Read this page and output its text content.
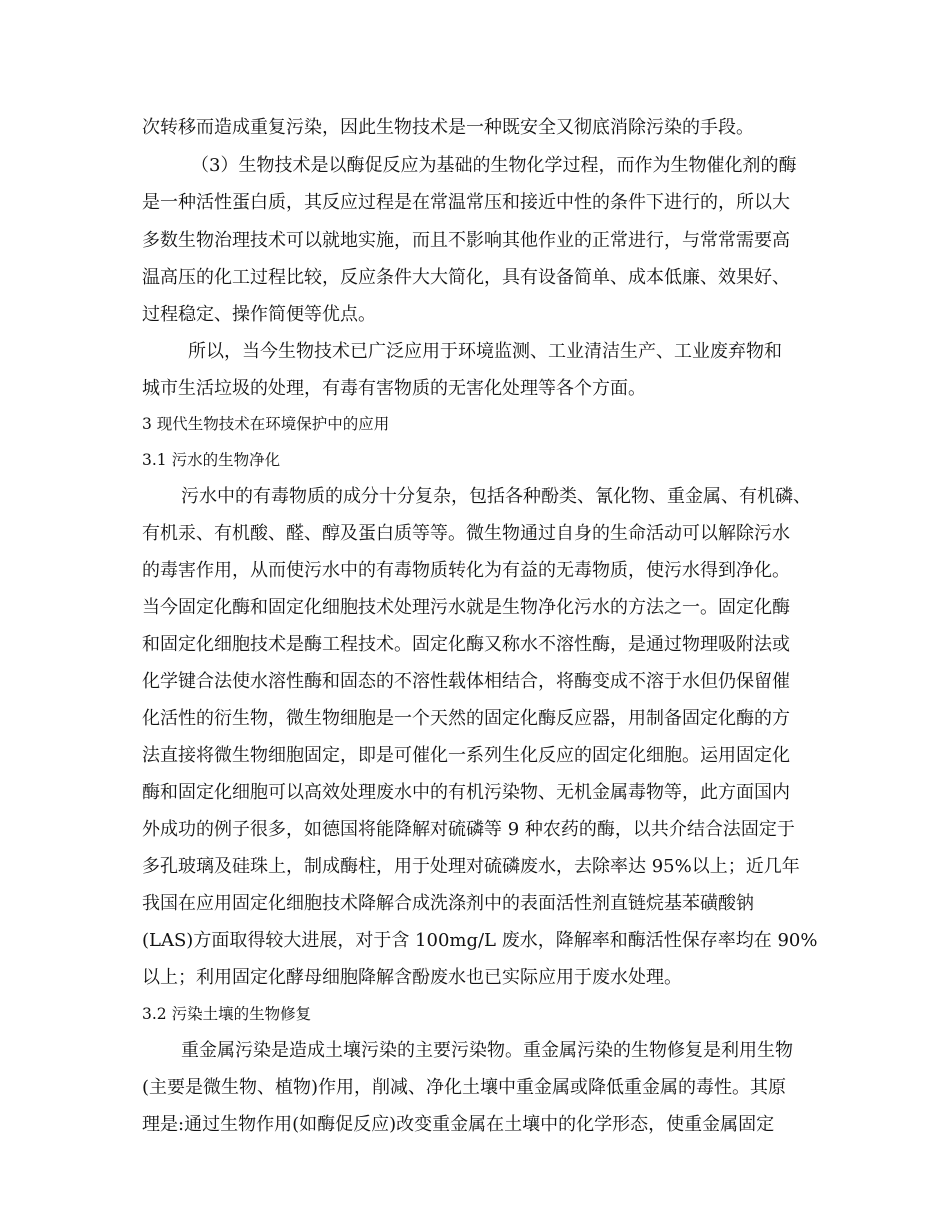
次转移而造成重复污染，因此生物技术是一种既安全又彻底消除污染的手段。
（3）生物技术是以酶促反应为基础的生物化学过程，而作为生物催化剂的酶
是一种活性蛋白质，其反应过程是在常温常压和接近中性的条件下进行的，所以大
多数生物治理技术可以就地实施，而且不影响其他作业的正常进行，与常常需要高
温高压的化工过程比较，反应条件大大简化，具有设备简单、成本低廉、效果好、
过程稳定、操作简便等优点。
所以，当今生物技术已广泛应用于环境监测、工业清洁生产、工业废弃物和
城市生活垃圾的处理，有毒有害物质的无害化处理等各个方面。
3 现代生物技术在环境保护中的应用
3.1 污水的生物净化
污水中的有毒物质的成分十分复杂，包括各种酚类、氰化物、重金属、有机磷、
有机汞、有机酸、醛、醇及蛋白质等等。微生物通过自身的生命活动可以解除污水
的毒害作用，从而使污水中的有毒物质转化为有益的无毒物质，使污水得到净化。
当今固定化酶和固定化细胞技术处理污水就是生物净化污水的方法之一。固定化酶
和固定化细胞技术是酶工程技术。固定化酶又称水不溶性酶，是通过物理吸附法或
化学键合法使水溶性酶和固态的不溶性载体相结合，将酶变成不溶于水但仍保留催
化活性的衍生物，微生物细胞是一个天然的固定化酶反应器，用制备固定化酶的方
法直接将微生物细胞固定，即是可催化一系列生化反应的固定化细胞。运用固定化
酶和固定化细胞可以高效处理废水中的有机污染物、无机金属毒物等，此方面国内
外成功的例子很多，如德国将能降解对硫磷等 9 种农药的酶，以共介结合法固定于
多孔玻璃及硅珠上，制成酶柱，用于处理对硫磷废水，去除率达 95%以上；近几年
我国在应用固定化细胞技术降解合成洗涤剂中的表面活性剂直链烷基苯磺酸钠
(LAS)方面取得较大进展，对于含 100mg/L 废水，降解率和酶活性保存率均在 90%
以上；利用固定化酵母细胞降解含酚废水也已实际应用于废水处理。
3.2 污染土壤的生物修复
重金属污染是造成土壤污染的主要污染物。重金属污染的生物修复是利用生物
(主要是微生物、植物)作用，削减、净化土壤中重金属或降低重金属的毒性。其原
理是:通过生物作用(如酶促反应)改变重金属在土壤中的化学形态，使重金属固定
